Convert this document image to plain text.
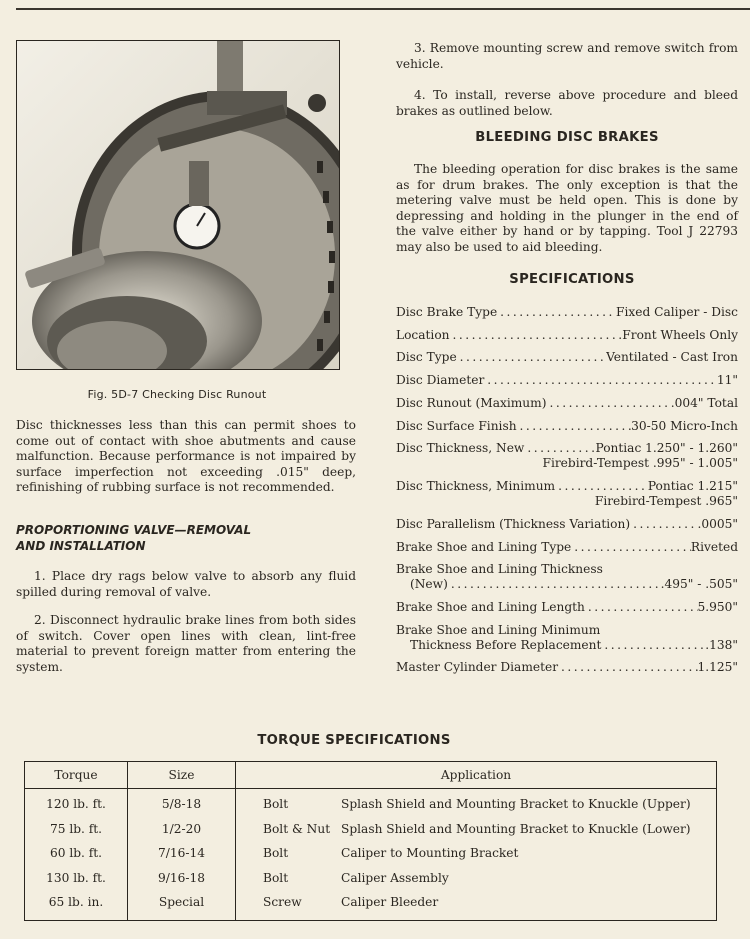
Fig. 5D-7 Checking Disc Runout

Disc thicknesses less than this can permit shoes to come out of contact with shoe abutments and cause malfunction. Because performance is not impaired by surface imperfection not exceeding .015" deep, refinishing of rubbing surface is not recommended.

PROPORTIONING VALVE—REMOVAL
AND INSTALLATION

1. Place dry rags below valve to absorb any fluid spilled during removal of valve.

2. Disconnect hydraulic brake lines from both sides of switch. Cover open lines with clean, lint-free material to prevent foreign matter from entering the system.

3. Remove mounting screw and remove switch from vehicle.

4. To install, reverse above procedure and bleed brakes as outlined below.

BLEEDING DISC BRAKES

The bleeding operation for disc brakes is the same as for drum brakes. The only exception is that the metering valve must be held open. This is done by depressing and holding in the plunger in the end of the valve either by hand or by tapping. Tool J 22793 may also be used to aid bleeding.

SPECIFICATIONS
Disc Brake Type .....	Fixed Caliper - Disc
Location .....	Front Wheels Only
Disc Type .....	Ventilated - Cast Iron
Disc Diameter .....	11"
Disc Runout (Maximum) .....	.004" Total
Disc Surface Finish .....	30-50 Micro-Inch
Disc Thickness, New .....	Pontiac 1.250" - 1.260"
Firebird-Tempest .995" - 1.005"
Disc Thickness, Minimum .....	Pontiac 1.215"
Firebird-Tempest .965"
Disc Parallelism (Thickness Variation) .....	.0005"
Brake Shoe and Lining Type .....	Riveted
Brake Shoe and Lining Thickness
(New) .....	.495" - .505"
Brake Shoe and Lining Length .....	5.950"
Brake Shoe and Lining Minimum
Thickness Before Replacement .....	.138"
Master Cylinder Diameter .....	1.125"
TORQUE SPECIFICATIONS
Torque	Size	Application
120 lb. ft.	5/8-18	Bolt Splash Shield and Mounting Bracket to Knuckle (Upper)
75 lb. ft.	1/2-20	Bolt & Nut Splash Shield and Mounting Bracket to Knuckle (Lower)
60 lb. ft.	7/16-14	Bolt Caliper to Mounting Bracket
130 lb. ft.	9/16-18	Bolt Caliper Assembly
65 lb. in.	Special	Screw Caliper Bleeder
